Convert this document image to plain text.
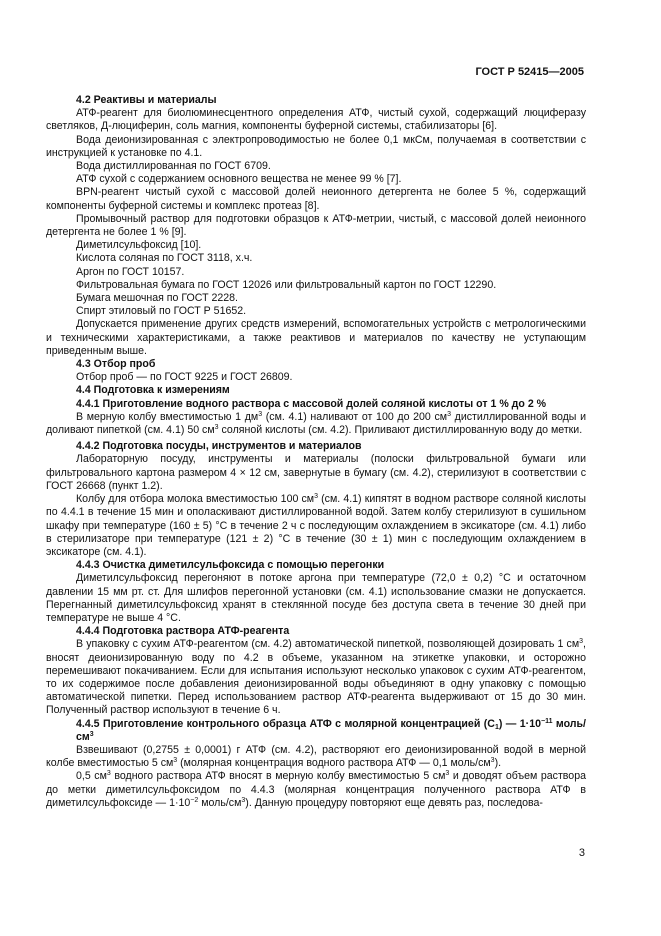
ГОСТ Р 52415—2005

4.2 Реактивы и материалы

АТФ-реагент для биолюминесцентного определения АТФ, чистый сухой, содержащий люциферазу светляков, Д-люциферин, соль магния, компоненты буферной системы, стабилизаторы [6].

Вода деионизированная с электропроводимостью не более 0,1 мкСм, получаемая в соответствии с инструкцией к установке по 4.1.

Вода дистиллированная по ГОСТ 6709.

АТФ сухой с содержанием основного вещества не менее 99 % [7].

BPN-реагент чистый сухой с массовой долей неионного детергента не более 5 %, содержащий компоненты буферной системы и комплекс протеаз [8].

Промывочный раствор для подготовки образцов к АТФ-метрии, чистый, с массовой долей неионного детергента не более 1 % [9].

Диметилсульфоксид [10].

Кислота соляная по ГОСТ 3118, х.ч.

Аргон по ГОСТ 10157.

Фильтровальная бумага по ГОСТ 12026 или фильтровальный картон по ГОСТ 12290.

Бумага мешочная по ГОСТ 2228.

Спирт этиловый по ГОСТ Р 51652.

Допускается применение других средств измерений, вспомогательных устройств с метрологическими и техническими характеристиками, а также реактивов и материалов по качеству не уступающим приведенным выше.

4.3 Отбор проб

Отбор проб — по ГОСТ 9225 и ГОСТ 26809.

4.4 Подготовка к измерениям

4.4.1 Приготовление водного раствора с массовой долей соляной кислоты от 1 % до 2 %

В мерную колбу вместимостью 1 $дм^3$ (см. 4.1) наливают от 100 до 200 $см^3$ дистиллированной воды и доливают пипеткой (см. 4.1) 50 $см^3$ соляной кислоты (см. 4.2). Приливают дистиллированную воду до метки.

4.4.2 Подготовка посуды, инструментов и материалов

Лабораторную посуду, инструменты и материалы (полоски фильтровальной бумаги или фильтровального картона размером 4 × 12 см, завернутые в бумагу (см. 4.2), стерилизуют в соответствии с ГОСТ 26668 (пункт 1.2).

Колбу для отбора молока вместимостью 100 $см^3$ (см. 4.1) кипятят в водном растворе соляной кислоты по 4.4.1 в течение 15 мин и ополаскивают дистиллированной водой. Затем колбу стерилизуют в сушильном шкафу при температуре (160 ± 5) °С в течение 2 ч с последующим охлаждением в эксикаторе (см. 4.1) либо в стерилизаторе при температуре (121 ± 2) °С в течение (30 ± 1) мин с последующим охлаждением в эксикаторе (см. 4.1).

4.4.3 Очистка диметилсульфоксида с помощью перегонки

Диметилсульфоксид перегоняют в потоке аргона при температуре (72,0 ± 0,2) °С и остаточном давлении 15 мм рт. ст. Для шлифов перегонной установки (см. 4.1) использование смазки не допускается. Перегнанный диметилсульфоксид хранят в стеклянной посуде без доступа света в течение 30 дней при температуре не выше 4 °С.

4.4.4 Подготовка раствора АТФ-реагента

В упаковку с сухим АТФ-реагентом (см. 4.2) автоматической пипеткой, позволяющей дозировать 1 $см^3$, вносят деионизированную воду по 4.2 в объеме, указанном на этикетке упаковки, и осторожно перемешивают покачиванием. Если для испытания используют несколько упаковок с сухим АТФ-реагентом, то их содержимое после добавления деионизированной воды объединяют в одну упаковку с помощью автоматической пипетки. Перед использованием раствор АТФ-реагента выдерживают от 15 до 30 мин. Полученный раствор используют в течение 6 ч.

4.4.5 Приготовление контрольного образца АТФ с молярной концентрацией $(C_1)$ — $1\cdot 10^{-11}$ моль/$см^3$

Взвешивают (0,2755 ± 0,0001) г АТФ (см. 4.2), растворяют его деионизированной водой в мерной колбе вместимостью 5 $см^3$ (молярная концентрация водного раствора АТФ — 0,1 моль/$см^3$).

0,5 $см^3$ водного раствора АТФ вносят в мерную колбу вместимостью 5 $см^3$ и доводят объем раствора до метки диметилсульфоксидом по 4.4.3 (молярная концентрация полученного раствора АТФ в диметилсульфоксиде — $1\cdot 10^{-2}$ моль/$см^3$). Данную процедуру повторяют еще девять раз, последова-

3
